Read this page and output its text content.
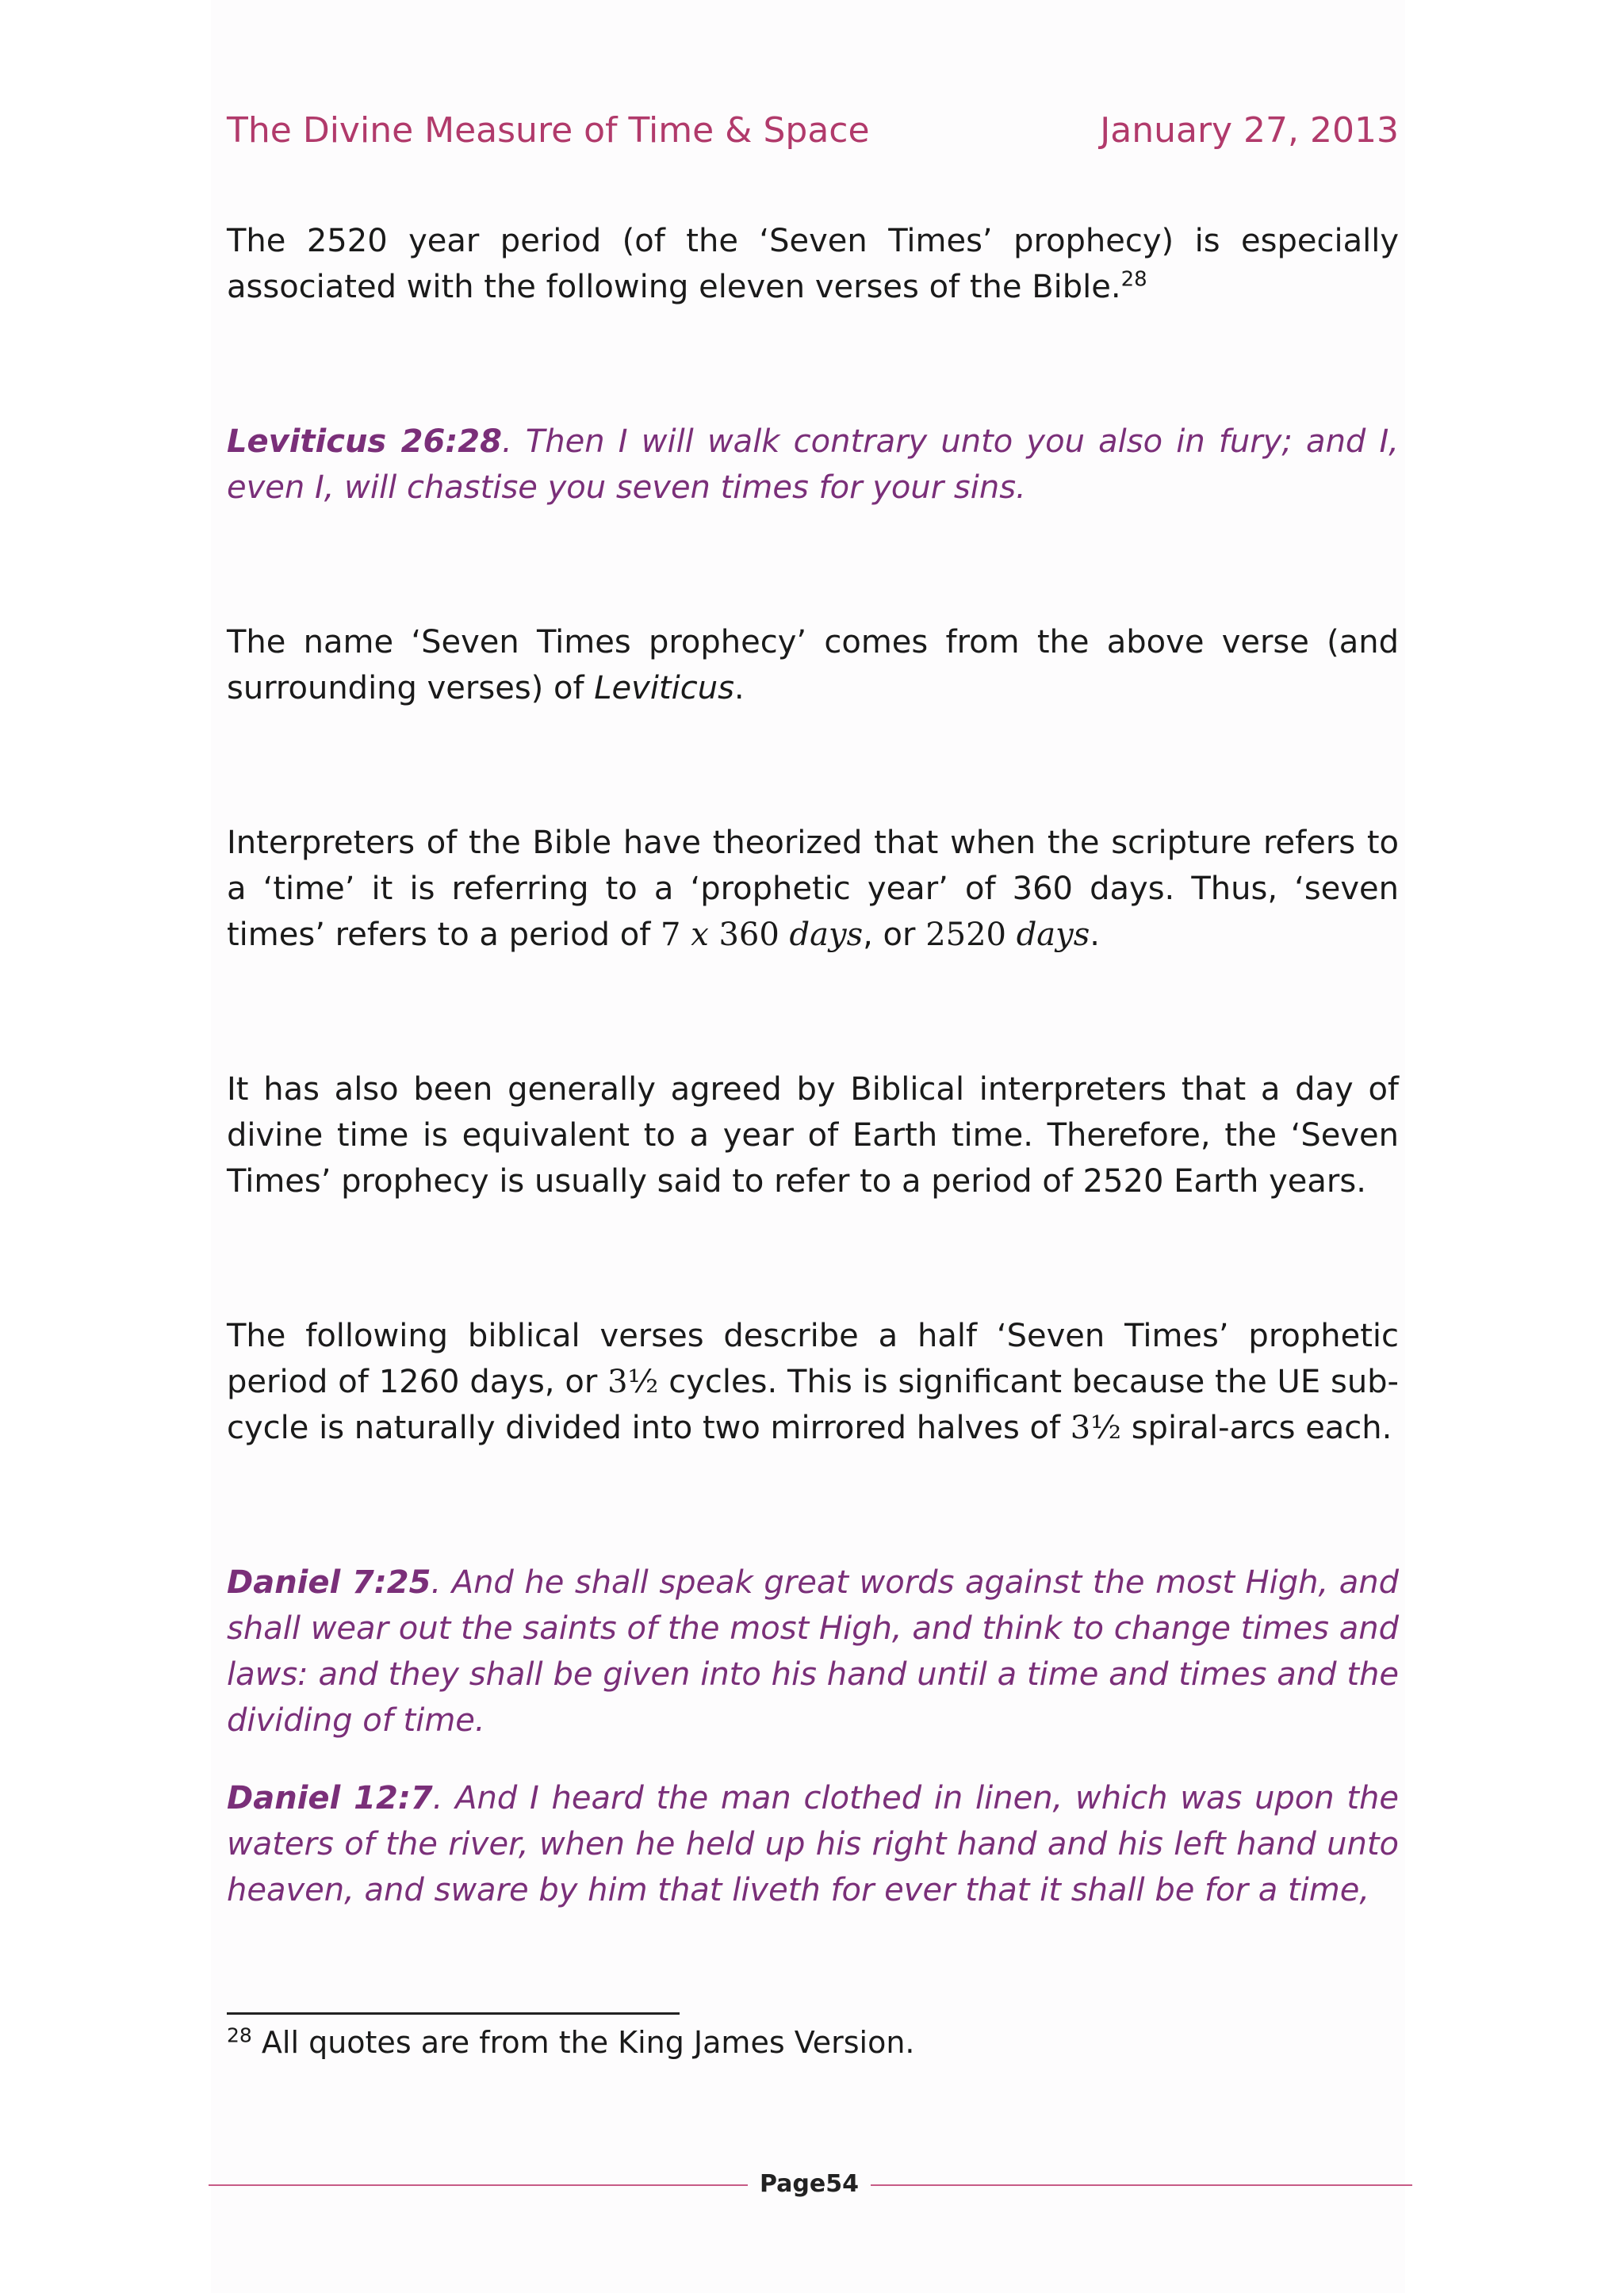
The Divine Measure of Time & Space	January 27, 2013

The 2520 year period (of the ‘Seven Times’ prophecy) is especially associated with the following eleven verses of the Bible.$^{28}$

Leviticus 26:28. Then I will walk contrary unto you also in fury; and I, even I, will chastise you seven times for your sins.

The name ‘Seven Times prophecy’ comes from the above verse (and surrounding verses) of Leviticus.

Interpreters of the Bible have theorized that when the scripture refers to a ‘time’ it is referring to a ‘prophetic year’ of 360 days. Thus, ‘seven times’ refers to a period of 7 x 360 days, or 2520 days.

It has also been generally agreed by Biblical interpreters that a day of divine time is equivalent to a year of Earth time. Therefore, the ‘Seven Times’ prophecy is usually said to refer to a period of 2520 Earth years.

The following biblical verses describe a half ‘Seven Times’ prophetic period of 1260 days, or 3½ cycles. This is significant because the UE sub-cycle is naturally divided into two mirrored halves of 3½ spiral-arcs each.

Daniel 7:25. And he shall speak great words against the most High, and shall wear out the saints of the most High, and think to change times and laws: and they shall be given into his hand until a time and times and the dividing of time.

Daniel 12:7. And I heard the man clothed in linen, which was upon the waters of the river, when he held up his right hand and his left hand unto heaven, and sware by him that liveth for ever that it shall be for a time,

$^{28}$ All quotes are from the King James Version.
Page54
